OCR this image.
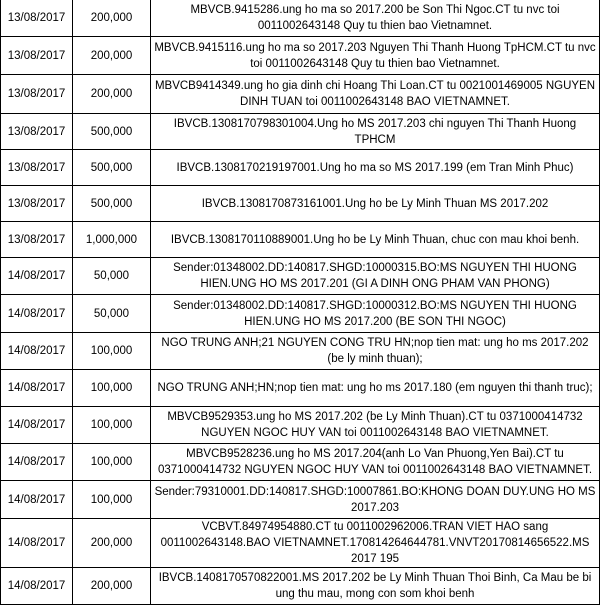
13/08/2017	200,000	MBVCB.9415286.ung ho ma so 2017.200 be Son Thi Ngoc.CT tu nvc toi 0011002643148 Quy tu thien bao Vietnamnet.
13/08/2017	200,000	MBVCB.9415116.ung ho ma so 2017.203 Nguyen Thi Thanh Huong TpHCM.CT tu nvc toi 0011002643148 Quy tu thien bao Vietnamnet.
13/08/2017	200,000	MBVCB9414349.ung ho gia dinh chi Hoang Thi Loan.CT tu 0021001469005 NGUYEN DINH TUAN toi 0011002643148 BAO VIETNAMNET.
13/08/2017	500,000	IBVCB.1308170798301004.Ung ho MS 2017.203 chi nguyen Thi Thanh Huong TPHCM
13/08/2017	500,000	IBVCB.1308170219197001.Ung ho ma so MS 2017.199 (em Tran Minh Phuc)
13/08/2017	500,000	IBVCB.1308170873161001.Ung ho be Ly Minh Thuan MS 2017.202
13/08/2017	1,000,000	IBVCB.1308170110889001.Ung ho be Ly Minh Thuan, chuc con mau khoi benh.
14/08/2017	50,000	Sender:01348002.DD:140817.SHGD:10000315.BO:MS NGUYEN THI HUONG HIEN.UNG HO MS 2017.201 (GI A DINH ONG PHAM VAN PHONG)
14/08/2017	50,000	Sender:01348002.DD:140817.SHGD:10000312.BO:MS NGUYEN THI HUONG HIEN.UNG HO MS 2017.200 (BE SON THI NGOC)
14/08/2017	100,000	NGO TRUNG ANH;21 NGUYEN CONG TRU HN;nop tien mat: ung ho ms 2017.202 (be ly minh thuan);
14/08/2017	100,000	NGO TRUNG ANH;HN;nop tien mat: ung ho ms 2017.180 (em nguyen thi thanh truc);
14/08/2017	100,000	MBVCB9529353.ung ho MS 2017.202 (be Ly Minh Thuan).CT tu 0371000414732 NGUYEN NGOC HUY VAN toi 0011002643148 BAO VIETNAMNET.
14/08/2017	100,000	MBVCB9528236.ung ho MS 2017.204(anh Lo Van Phuong,Yen Bai).CT tu 0371000414732 NGUYEN NGOC HUY VAN toi 0011002643148 BAO VIETNAMNET.
14/08/2017	100,000	Sender:79310001.DD:140817.SHGD:10007861.BO:KHONG DOAN DUY.UNG HO MS 2017.203
14/08/2017	200,000	VCBVT.84974954880.CT tu 0011002962006.TRAN VIET HAO sang 0011002643148.BAO VIETNAMNET.170814264644781.VNVT20170814656522.MS 2017 195
14/08/2017	200,000	IBVCB.1408170570822001.MS 2017.202 be Ly Minh Thuan Thoi Binh, Ca Mau be bi ung thu mau, mong con som khoi benh
